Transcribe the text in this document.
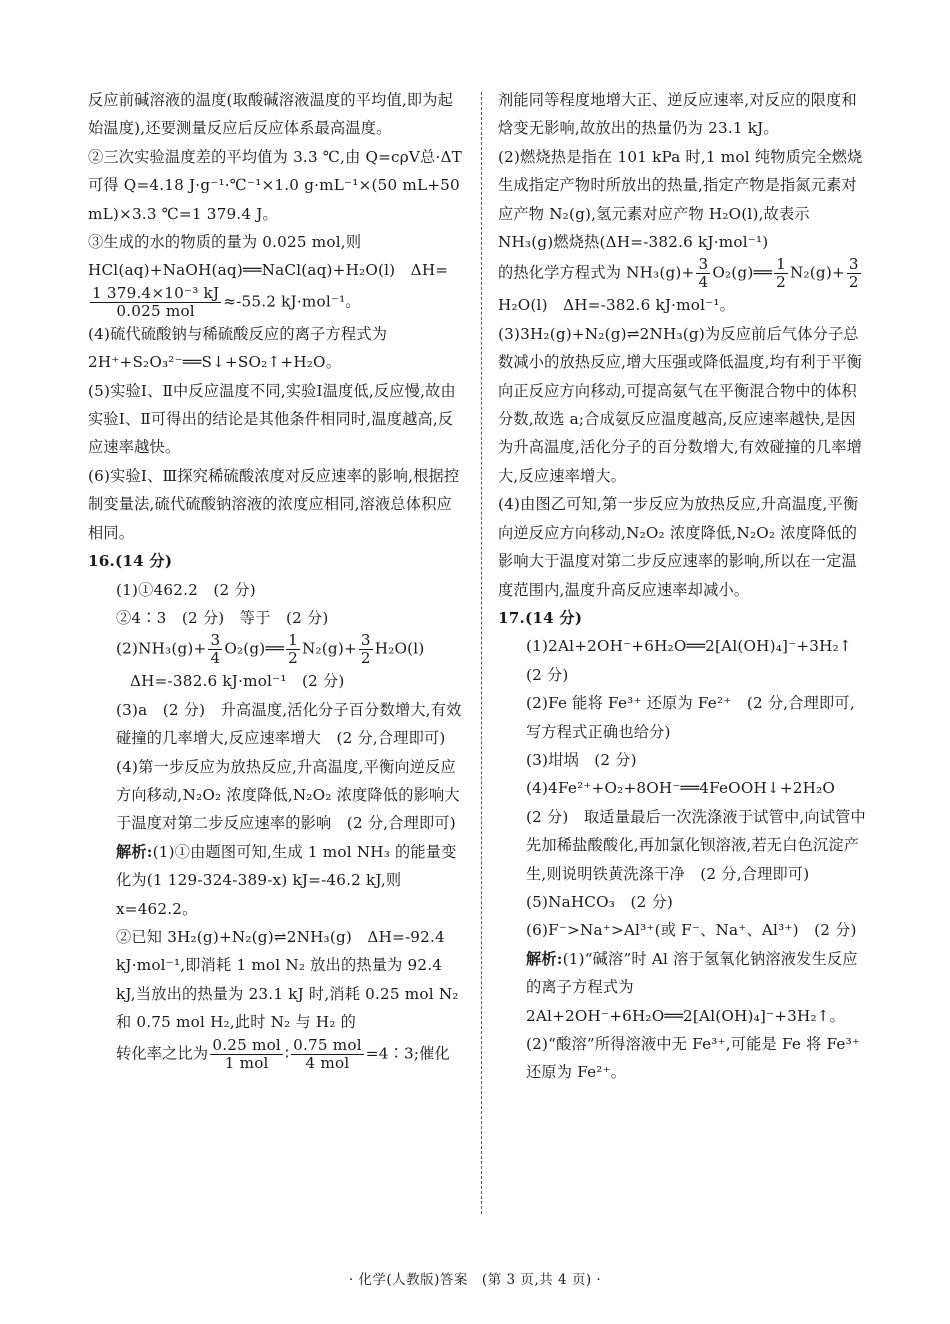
反应前碱溶液的温度(取酸碱溶液温度的平均值,即为起始温度),还要测量反应后反应体系最高温度。

②三次实验温度差的平均值为 3.3 ℃,由 Q=cρV总·ΔT 可得 Q=4.18 J·g⁻¹·℃⁻¹×1.0 g·mL⁻¹×(50 mL+50 mL)×3.3 ℃=1 379.4 J。

③生成的水的物质的量为 0.025 mol,则 HCl(aq)+NaOH(aq)══NaCl(aq)+H₂O(l)　ΔH=
$\frac{\text{1 379.4×10⁻³ kJ}}{\text{0.025 mol}} \approx-55.2$ kJ·mol⁻¹。

(4)硫代硫酸钠与稀硫酸反应的离子方程式为 2H⁺+S₂O₃²⁻══S↓+SO₂↑+H₂O。

(5)实验Ⅰ、Ⅱ中反应温度不同,实验Ⅰ温度低,反应慢,故由实验Ⅰ、Ⅱ可得出的结论是其他条件相同时,温度越高,反应速率越快。

(6)实验Ⅰ、Ⅲ探究稀硫酸浓度对反应速率的影响,根据控制变量法,硫代硫酸钠溶液的浓度应相同,溶液总体积应相同。

16.(14 分)

(1)①462.2　(2 分)

②4∶3　(2 分)　等于　(2 分)

$(2)NH_3(g)+ \frac{3}{4}$ O₂(g)══ $\frac{1}{2} N_2(g)+ \frac{3}{2} H_2O(l)$

ΔH=-382.6 kJ·mol⁻¹　(2 分)

(3)a　(2 分)　升高温度,活化分子百分数增大,有效碰撞的几率增大,反应速率增大　(2 分,合理即可)

(4)第一步反应为放热反应,升高温度,平衡向逆反应方向移动,N₂O₂ 浓度降低,N₂O₂ 浓度降低的影响大于温度对第二步反应速率的影响　(2 分,合理即可)

解析:(1)①由题图可知,生成 1 mol NH₃ 的能量变化为(1 129-324-389-x) kJ=-46.2 kJ,则 x=462.2。

②已知 3H₂(g)+N₂(g)⇌2NH₃(g)　ΔH=-92.4 kJ·mol⁻¹,即消耗 1 mol N₂ 放出的热量为 92.4 kJ,当放出的热量为 23.1 kJ 时,消耗 0.25 mol N₂ 和 0.75 mol H₂,此时 N₂ 与 H₂ 的

转化率之比为 $\frac{\text{0.25 mol}}{\text{1 mol}}$ ∶ $\frac{\text{0.75 mol}}{\text{4 mol}}$ =4∶3;催化

剂能同等程度地增大正、逆反应速率,对反应的限度和焓变无影响,故放出的热量仍为 23.1 kJ。

(2)燃烧热是指在 101 kPa 时,1 mol 纯物质完全燃烧生成指定产物时所放出的热量,指定产物是指氮元素对应产物 N₂(g),氢元素对应产物 H₂O(l),故表示 NH₃(g)燃烧热(ΔH=-382.6 kJ·mol⁻¹)

的热化学方程式为 $NH_3(g)+ \frac{3}{4}$ O₂(g)══ $\frac{1}{2} N_2(g)+ \frac{3}{2}$
H₂O(l)　ΔH=-382.6 kJ·mol⁻¹。

(3)3H₂(g)+N₂(g)⇌2NH₃(g)为反应前后气体分子总数减小的放热反应,增大压强或降低温度,均有利于平衡向正反应方向移动,可提高氨气在平衡混合物中的体积分数,故选 a;合成氨反应温度越高,反应速率越快,是因为升高温度,活化分子的百分数增大,有效碰撞的几率增大,反应速率增大。

(4)由图乙可知,第一步反应为放热反应,升高温度,平衡向逆反应方向移动,N₂O₂ 浓度降低,N₂O₂ 浓度降低的影响大于温度对第二步反应速率的影响,所以在一定温度范围内,温度升高反应速率却减小。

17.(14 分)

(1)2Al+2OH⁻+6H₂O══2[Al(OH)₄]⁻+3H₂↑　(2 分)

(2)Fe 能将 Fe³⁺ 还原为 Fe²⁺　(2 分,合理即可,写方程式正确也给分)

(3)坩埚　(2 分)

(4)4Fe²⁺+O₂+8OH⁻══4FeOOH↓+2H₂O

(2 分)　取适量最后一次洗涤液于试管中,向试管中先加稀盐酸酸化,再加氯化钡溶液,若无白色沉淀产生,则说明铁黄洗涤干净　(2 分,合理即可)

(5)NaHCO₃　(2 分)

(6)F⁻>Na⁺>Al³⁺(或 F⁻、Na⁺、Al³⁺)　(2 分)

解析:(1)“碱溶”时 Al 溶于氢氧化钠溶液发生反应的离子方程式为 2Al+2OH⁻+6H₂O══2[Al(OH)₄]⁻+3H₂↑。

(2)“酸溶”所得溶液中无 Fe³⁺,可能是 Fe 将 Fe³⁺ 还原为 Fe²⁺。

· 化学(人教版)答案　(第 3 页,共 4 页) ·
